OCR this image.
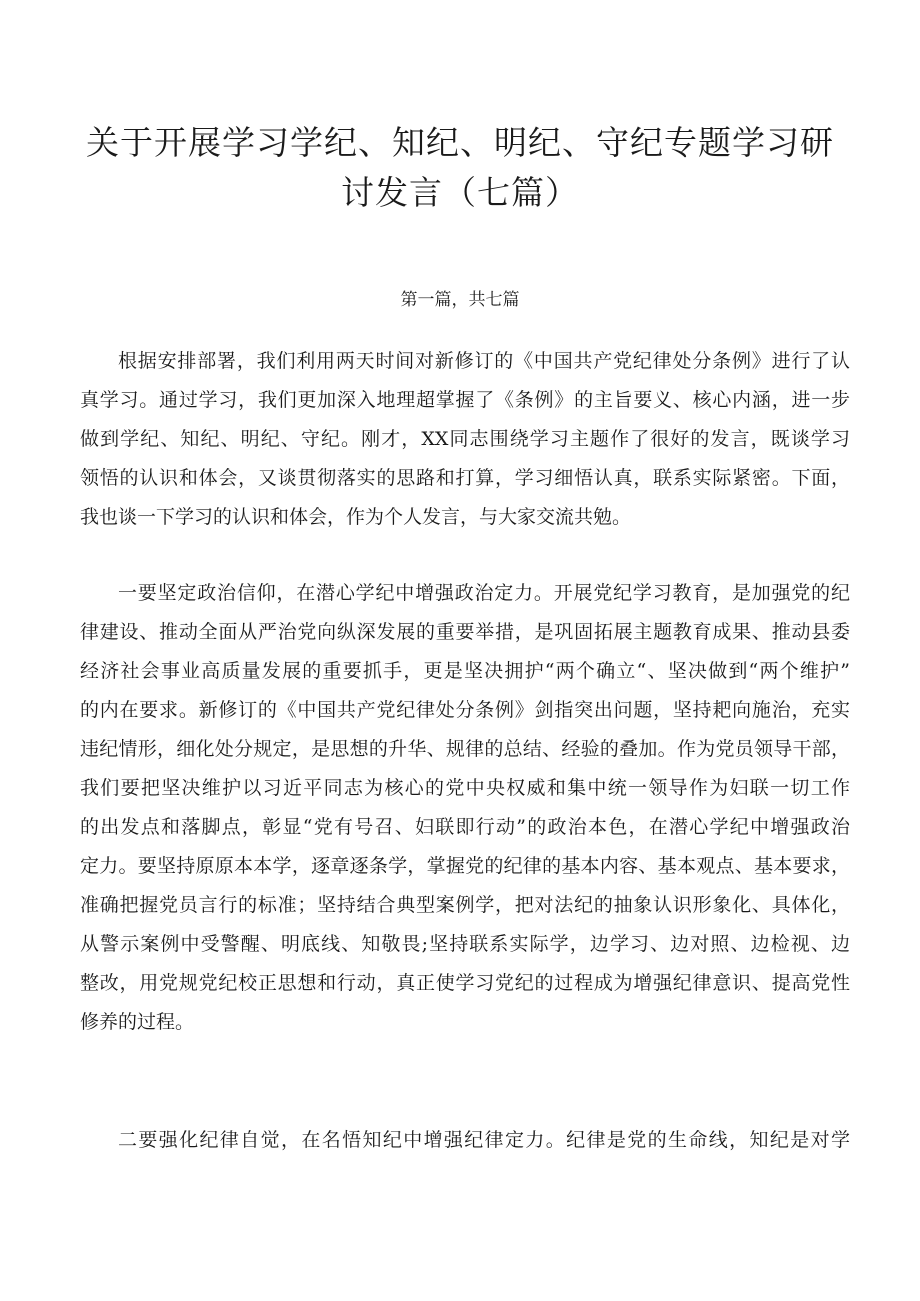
关于开展学习学纪、知纪、明纪、守纪专题学习研
讨发言（七篇）

第一篇，共七篇

根据安排部署，我们利用两天时间对新修订的《中国共产党纪律处分条例》进行了认
真学习。通过学习，我们更加深入地理超掌握了《条例》的主旨要义、核心内涵，进一步
做到学纪、知纪、明纪、守纪。刚才，XX同志围绕学习主题作了很好的发言，既谈学习
领悟的认识和体会，又谈贯彻落实的思路和打算，学习细悟认真，联系实际紧密。下面，
我也谈一下学习的认识和体会，作为个人发言，与大家交流共勉。
一要坚定政治信仰，在潜心学纪中增强政治定力。开展党纪学习教育，是加强党的纪
律建设、推动全面从严治党向纵深发展的重要举措，是巩固拓展主题教育成果、推动县委
经济社会事业高质量发展的重要抓手，更是坚决拥护“两个确立“、坚决做到“两个维护”
的内在要求。新修订的《中国共产党纪律处分条例》剑指突出问题，坚持耙向施治，充实
违纪情形，细化处分规定，是思想的升华、规律的总结、经验的叠加。作为党员领导干部，
我们要把坚决维护以习近平同志为核心的党中央权威和集中统一领导作为妇联一切工作
的出发点和落脚点，彰显“党有号召、妇联即行动”的政治本色，在潜心学纪中增强政治
定力。要坚持原原本本学，逐章逐条学，掌握党的纪律的基本内容、基本观点、基本要求，
准确把握党员言行的标准；坚持结合典型案例学，把对法纪的抽象认识形象化、具体化，
从警示案例中受警醒、明底线、知敬畏;坚持联系实际学，边学习、边对照、边检视、边
整改，用党规党纪校正思想和行动，真正使学习党纪的过程成为增强纪律意识、提高党性
修养的过程。
二要强化纪律自觉，在名悟知纪中增强纪律定力。纪律是党的生命线，知纪是对学
